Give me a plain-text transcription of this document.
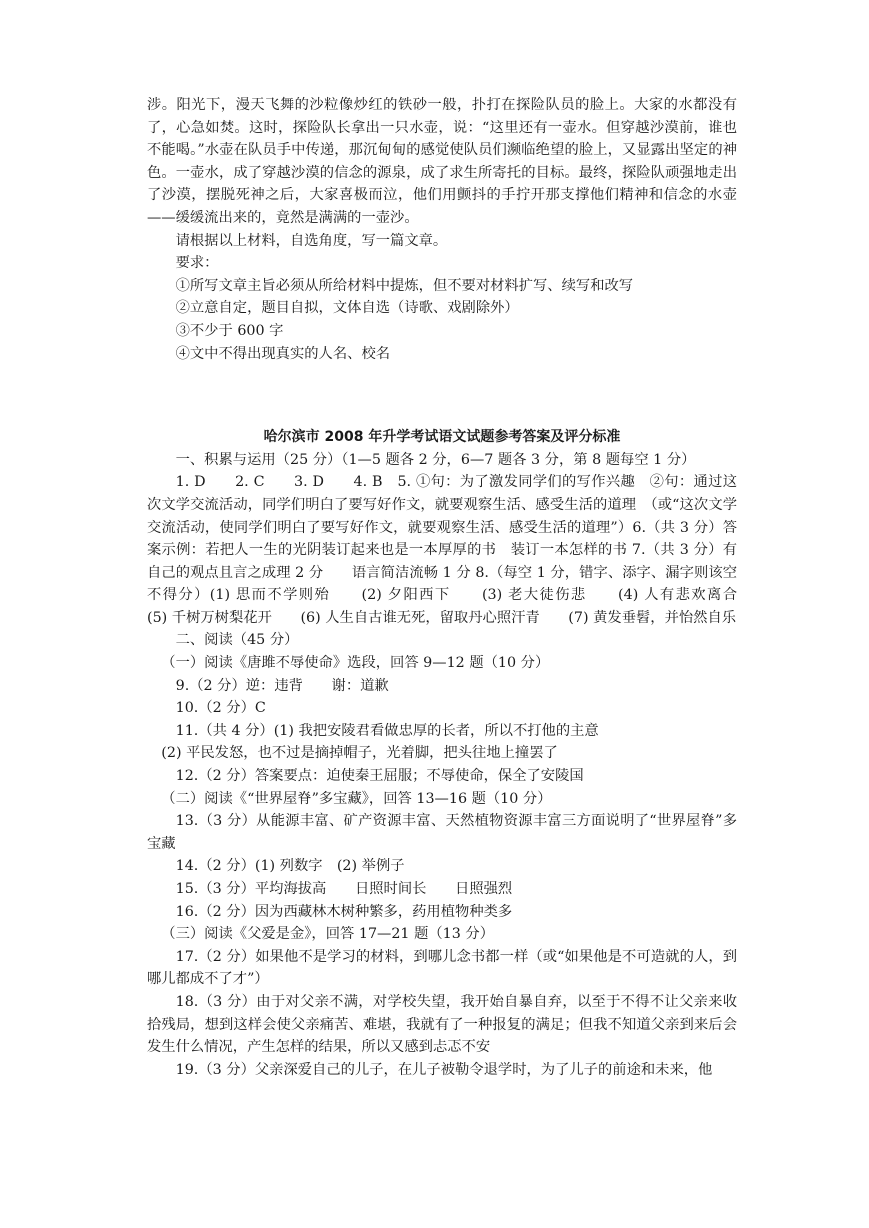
涉。阳光下，漫天飞舞的沙粒像炒红的铁砂一般，扑打在探险队员的脸上。大家的水都没有了，心急如焚。这时，探险队长拿出一只水壶，说：“这里还有一壶水。但穿越沙漠前，谁也不能喝。”水壶在队员手中传递，那沉甸甸的感觉使队员们濒临绝望的脸上，又显露出坚定的神色。一壶水，成了穿越沙漠的信念的源泉，成了求生所寄托的目标。最终，探险队顽强地走出了沙漠，摆脱死神之后，大家喜极而泣，他们用颤抖的手拧开那支撑他们精神和信念的水壶——缓缓流出来的，竟然是满满的一壶沙。

请根据以上材料，自选角度，写一篇文章。

要求：

①所写文章主旨必须从所给材料中提炼，但不要对材料扩写、续写和改写

②立意自定，题目自拟，文体自选（诗歌、戏剧除外）

③不少于 600 字

④文中不得出现真实的人名、校名

哈尔滨市 2008 年升学考试语文试题参考答案及评分标准

一、积累与运用（25 分）（1—5 题各 2 分，6—7 题各 3 分，第 8 题每空 1 分）

1. D　　2. C　　3. D　　4. B　5. ①句：为了激发同学们的写作兴趣　②句：通过这次文学交流活动，同学们明白了要写好作文，就要观察生活、感受生活的道理　（或“这次文学交流活动，使同学们明白了要写好作文，就要观察生活、感受生活的道理”）6.（共 3 分）答案示例：若把人一生的光阴装订起来也是一本厚厚的书　装订一本怎样的书 7.（共 3 分）有自己的观点且言之成理 2 分　　语言简洁流畅 1 分 8.（每空 1 分，错字、添字、漏字则该空不得分）(1) 思而不学则殆　　(2) 夕阳西下　　(3) 老大徒伤悲　　(4) 人有悲欢离合　　(5) 千树万树梨花开　　(6) 人生自古谁无死，留取丹心照汗青　　(7) 黄发垂髫，并怡然自乐

二、阅读（45 分）

（一）阅读《唐雎不辱使命》选段，回答 9—12 题（10 分）

9.（2 分）逆：违背　　谢：道歉

10.（2 分）C

11.（共 4 分）(1) 我把安陵君看做忠厚的长者，所以不打他的主意

(2) 平民发怒，也不过是摘掉帽子，光着脚，把头往地上撞罢了

12.（2 分）答案要点：迫使秦王屈服；不辱使命，保全了安陵国

（二）阅读《“世界屋脊”多宝藏》，回答 13—16 题（10 分）

13.（3 分）从能源丰富、矿产资源丰富、天然植物资源丰富三方面说明了“世界屋脊”多宝藏

14.（2 分）(1) 列数字　(2) 举例子

15.（3 分）平均海拔高　　日照时间长　　日照强烈

16.（2 分）因为西藏林木树种繁多，药用植物种类多

（三）阅读《父爱是金》，回答 17—21 题（13 分）

17.（2 分）如果他不是学习的材料，到哪儿念书都一样（或“如果他是不可造就的人，到哪儿都成不了才”）

18.（3 分）由于对父亲不满，对学校失望，我开始自暴自弃，以至于不得不让父亲来收拾残局，想到这样会使父亲痛苦、难堪，我就有了一种报复的满足；但我不知道父亲到来后会发生什么情况，产生怎样的结果，所以又感到忐忑不安

19.（3 分）父亲深爱自己的儿子，在儿子被勒令退学时，为了儿子的前途和未来，他
